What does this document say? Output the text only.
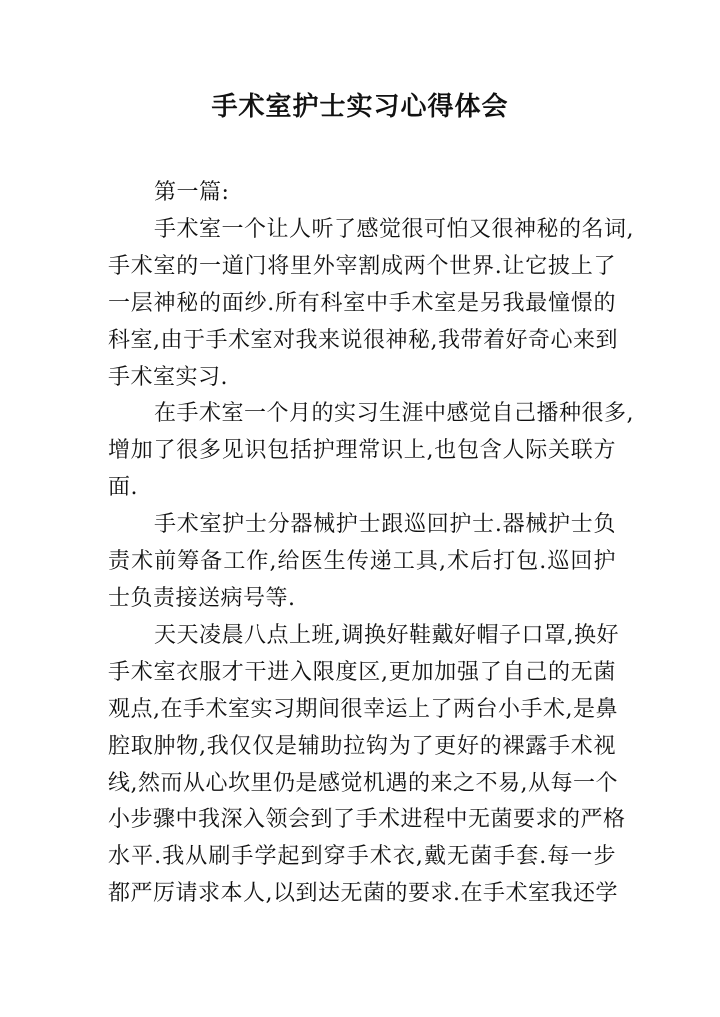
手术室护士实习心得体会
第一篇:
手术室一个让人听了感觉很可怕又很神秘的名词,
手术室的一道门将里外宰割成两个世界.让它披上了
一层神秘的面纱.所有科室中手术室是另我最憧憬的
科室,由于手术室对我来说很神秘,我带着好奇心来到
手术室实习.
在手术室一个月的实习生涯中感觉自己播种很多,
增加了很多见识包括护理常识上,也包含人际关联方
面.
手术室护士分器械护士跟巡回护士.器械护士负
责术前筹备工作,给医生传递工具,术后打包.巡回护
士负责接送病号等.
天天凌晨八点上班,调换好鞋戴好帽子口罩,换好
手术室衣服才干进入限度区,更加加强了自己的无菌
观点,在手术室实习期间很幸运上了两台小手术,是鼻
腔取肿物,我仅仅是辅助拉钩为了更好的裸露手术视
线,然而从心坎里仍是感觉机遇的来之不易,从每一个
小步骤中我深入领会到了手术进程中无菌要求的严格
水平.我从刷手学起到穿手术衣,戴无菌手套.每一步
都严厉请求本人,以到达无菌的要求.在手术室我还学
